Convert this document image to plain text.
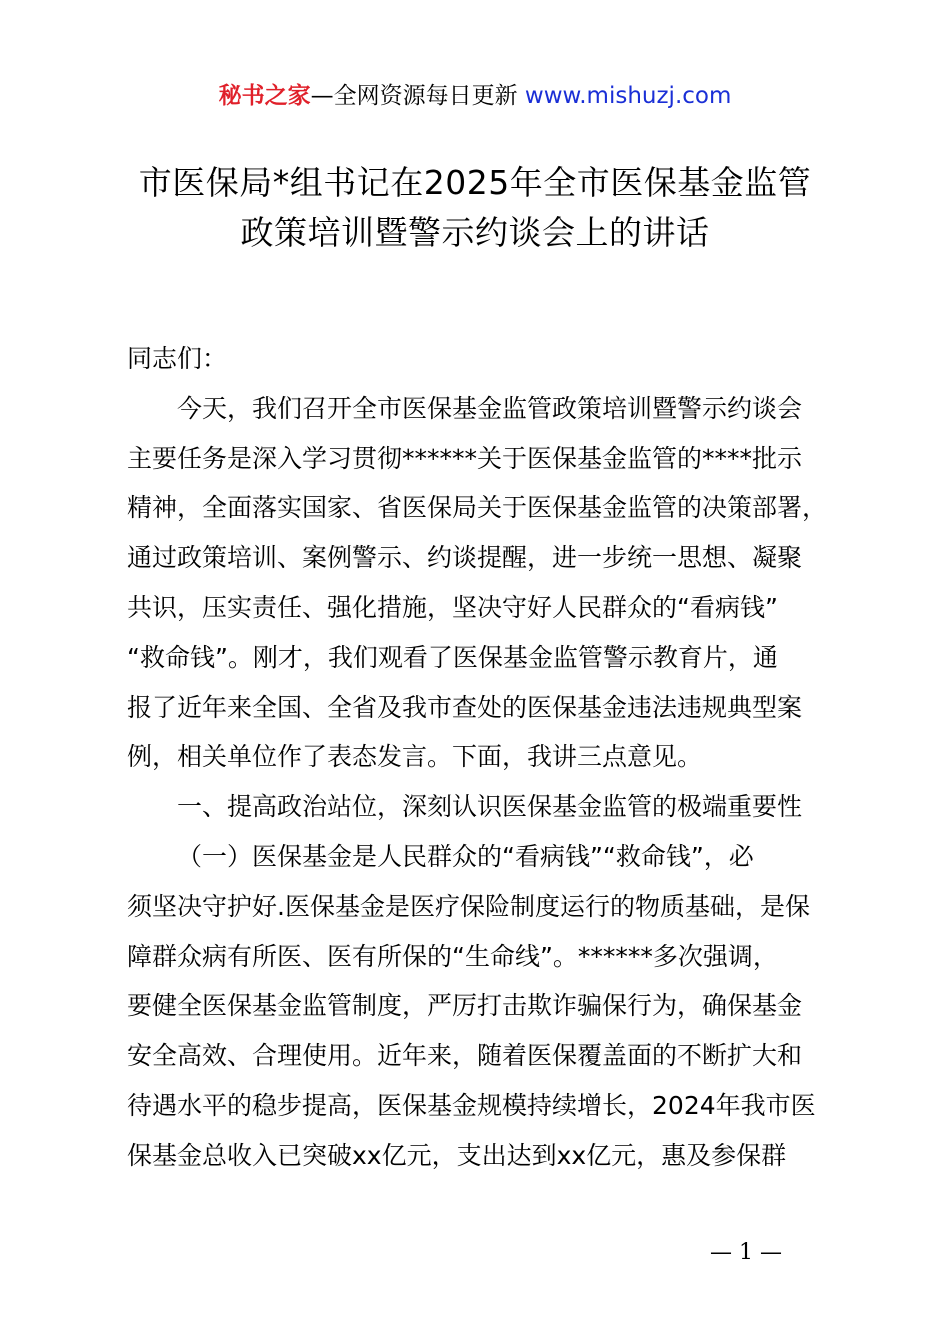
秘书之家—全网资源每日更新 www.mishuzj.com
市医保局*组书记在2025年全市医保基金监管
政策培训暨警示约谈会上的讲话
同志们：
今天，我们召开全市医保基金监管政策培训暨警示约谈会
主要任务是深入学习贯彻******关于医保基金监管的****批示
精神，全面落实国家、省医保局关于医保基金监管的决策部署，
通过政策培训、案例警示、约谈提醒，进一步统一思想、凝聚
共识，压实责任、强化措施，坚决守好人民群众的“看病钱”
“救命钱”。刚才，我们观看了医保基金监管警示教育片，通
报了近年来全国、全省及我市查处的医保基金违法违规典型案
例，相关单位作了表态发言。下面，我讲三点意见。
一、提高政治站位，深刻认识医保基金监管的极端重要性
（一）医保基金是人民群众的“看病钱”“救命钱”，必
须坚决守护好.医保基金是医疗保险制度运行的物质基础，是保
障群众病有所医、医有所保的“生命线”。******多次强调，
要健全医保基金监管制度，严厉打击欺诈骗保行为，确保基金
安全高效、合理使用。近年来，随着医保覆盖面的不断扩大和
待遇水平的稳步提高，医保基金规模持续增长，2024年我市医
保基金总收入已突破xx亿元，支出达到xx亿元，惠及参保群
— 1 —
